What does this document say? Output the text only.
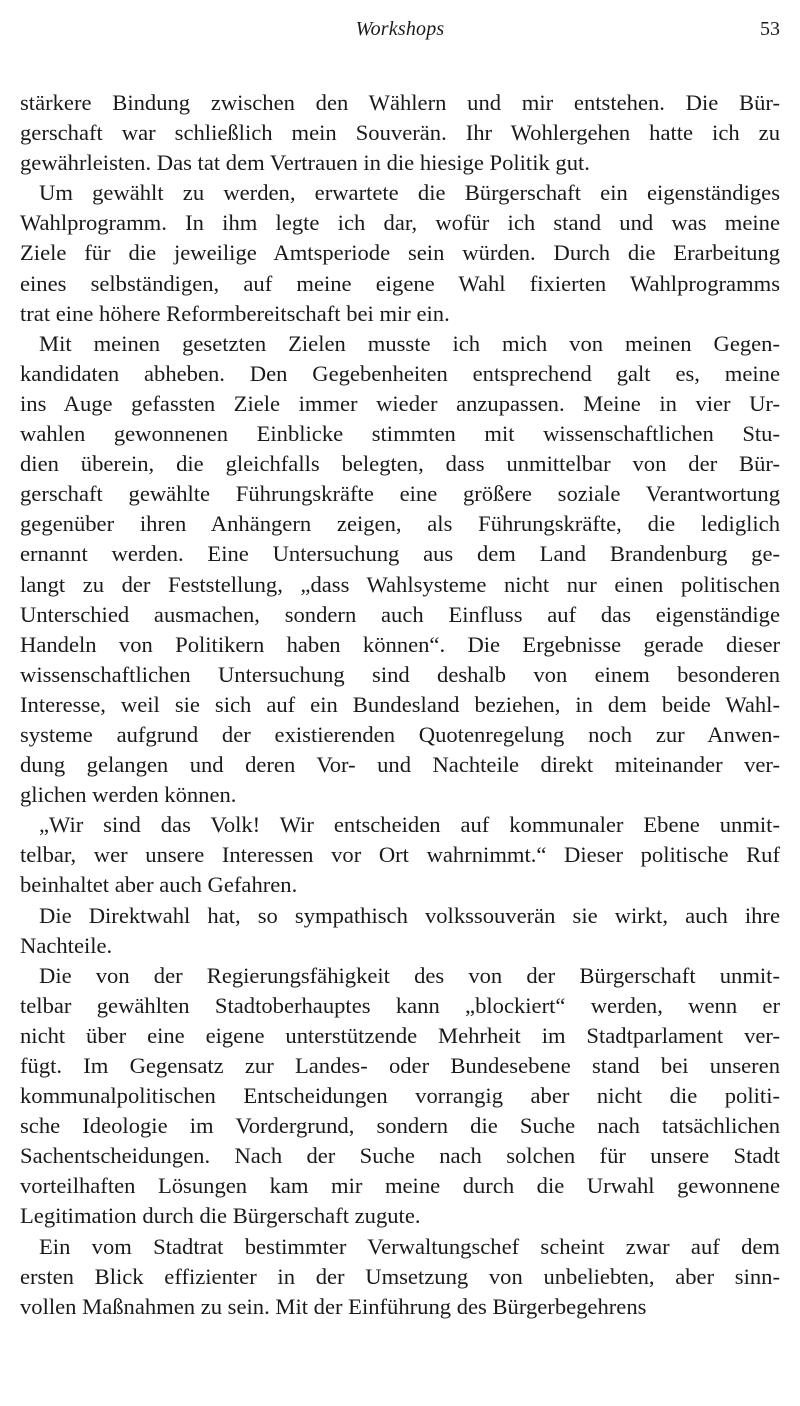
Workshops	53

stärkere Bindung zwischen den Wählern und mir entstehen. Die Bür-
gerschaft war schließlich mein Souverän. Ihr Wohlergehen hatte ich zu
gewährleisten. Das tat dem Vertrauen in die hiesige Politik gut.

Um gewählt zu werden, erwartete die Bürgerschaft ein eigenständiges
Wahlprogramm. In ihm legte ich dar, wofür ich stand und was meine
Ziele für die jeweilige Amtsperiode sein würden. Durch die Erarbeitung
eines selbständigen, auf meine eigene Wahl fixierten Wahlprogramms
trat eine höhere Reformbereitschaft bei mir ein.

Mit meinen gesetzten Zielen musste ich mich von meinen Gegen-
kandidaten abheben. Den Gegebenheiten entsprechend galt es, meine
ins Auge gefassten Ziele immer wieder anzupassen. Meine in vier Ur-
wahlen gewonnenen Einblicke stimmten mit wissenschaftlichen Stu-
dien überein, die gleichfalls belegten, dass unmittelbar von der Bür-
gerschaft gewählte Führungskräfte eine größere soziale Verantwortung
gegenüber ihren Anhängern zeigen, als Führungskräfte, die lediglich
ernannt werden. Eine Untersuchung aus dem Land Brandenburg ge-
langt zu der Feststellung, „dass Wahlsysteme nicht nur einen politischen
Unterschied ausmachen, sondern auch Einfluss auf das eigenständige
Handeln von Politikern haben können“. Die Ergebnisse gerade dieser
wissenschaftlichen Untersuchung sind deshalb von einem besonderen
Interesse, weil sie sich auf ein Bundesland beziehen, in dem beide Wahl-
systeme aufgrund der existierenden Quotenregelung noch zur Anwen-
dung gelangen und deren Vor- und Nachteile direkt miteinander ver-
glichen werden können.

„Wir sind das Volk! Wir entscheiden auf kommunaler Ebene unmit-
telbar, wer unsere Interessen vor Ort wahrnimmt.“ Dieser politische Ruf
beinhaltet aber auch Gefahren.

Die Direktwahl hat, so sympathisch volkssouverän sie wirkt, auch ihre
Nachteile.

Die von der Regierungsfähigkeit des von der Bürgerschaft unmit-
telbar gewählten Stadtoberhauptes kann „blockiert“ werden, wenn er
nicht über eine eigene unterstützende Mehrheit im Stadtparlament ver-
fügt. Im Gegensatz zur Landes- oder Bundesebene stand bei unseren
kommunalpolitischen Entscheidungen vorrangig aber nicht die politi-
sche Ideologie im Vordergrund, sondern die Suche nach tatsächlichen
Sachentscheidungen. Nach der Suche nach solchen für unsere Stadt
vorteilhaften Lösungen kam mir meine durch die Urwahl gewonnene
Legitimation durch die Bürgerschaft zugute.

Ein vom Stadtrat bestimmter Verwaltungschef scheint zwar auf dem
ersten Blick effizienter in der Umsetzung von unbeliebten, aber sinn-
vollen Maßnahmen zu sein. Mit der Einführung des Bürgerbegehrens
